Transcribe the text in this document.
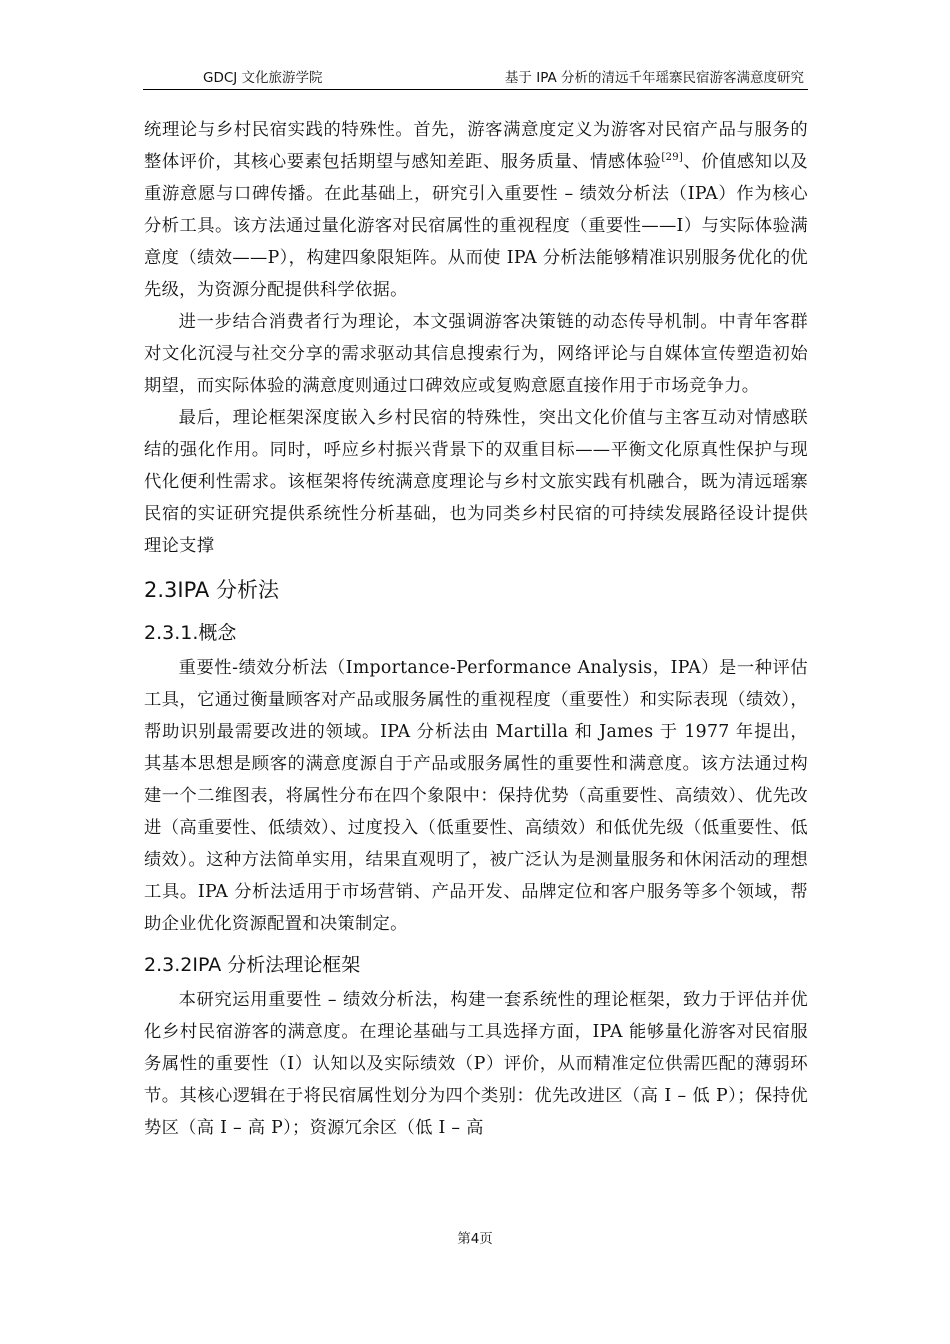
GDCJ 文化旅游学院	基于 IPA 分析的清远千年瑶寨民宿游客满意度研究

统理论与乡村民宿实践的特殊性。首先，游客满意度定义为游客对民宿产品与服务的整体评价，其核心要素包括期望与感知差距、服务质量、情感体验[29]、价值感知以及重游意愿与口碑传播。在此基础上，研究引入重要性 – 绩效分析法（IPA）作为核心分析工具。该方法通过量化游客对民宿属性的重视程度（重要性——I）与实际体验满意度（绩效——P），构建四象限矩阵。从而使 IPA 分析法能够精准识别服务优化的优先级，为资源分配提供科学依据。

进一步结合消费者行为理论，本文强调游客决策链的动态传导机制。中青年客群对文化沉浸与社交分享的需求驱动其信息搜索行为，网络评论与自媒体宣传塑造初始期望，而实际体验的满意度则通过口碑效应或复购意愿直接作用于市场竞争力。

最后，理论框架深度嵌入乡村民宿的特殊性，突出文化价值与主客互动对情感联结的强化作用。同时，呼应乡村振兴背景下的双重目标——平衡文化原真性保护与现代化便利性需求。该框架将传统满意度理论与乡村文旅实践有机融合，既为清远瑶寨民宿的实证研究提供系统性分析基础，也为同类乡村民宿的可持续发展路径设计提供理论支撑

2.3IPA 分析法
2.3.1.概念

重要性-绩效分析法（Importance-Performance Analysis，IPA）是一种评估工具，它通过衡量顾客对产品或服务属性的重视程度（重要性）和实际表现（绩效），帮助识别最需要改进的领域。IPA 分析法由 Martilla 和 James 于 1977 年提出，其基本思想是顾客的满意度源自于产品或服务属性的重要性和满意度。该方法通过构建一个二维图表，将属性分布在四个象限中：保持优势（高重要性、高绩效）、优先改进（高重要性、低绩效）、过度投入（低重要性、高绩效）和低优先级（低重要性、低绩效）。这种方法简单实用，结果直观明了，被广泛认为是测量服务和休闲活动的理想工具。IPA 分析法适用于市场营销、产品开发、品牌定位和客户服务等多个领域，帮助企业优化资源配置和决策制定。

2.3.2IPA 分析法理论框架

本研究运用重要性 – 绩效分析法，构建一套系统性的理论框架，致力于评估并优化乡村民宿游客的满意度。在理论基础与工具选择方面，IPA 能够量化游客对民宿服务属性的重要性（I）认知以及实际绩效（P）评价，从而精准定位供需匹配的薄弱环节。其核心逻辑在于将民宿属性划分为四个类别：优先改进区（高 I – 低 P）；保持优势区（高 I – 高 P）；资源冗余区（低 I – 高

第4页
